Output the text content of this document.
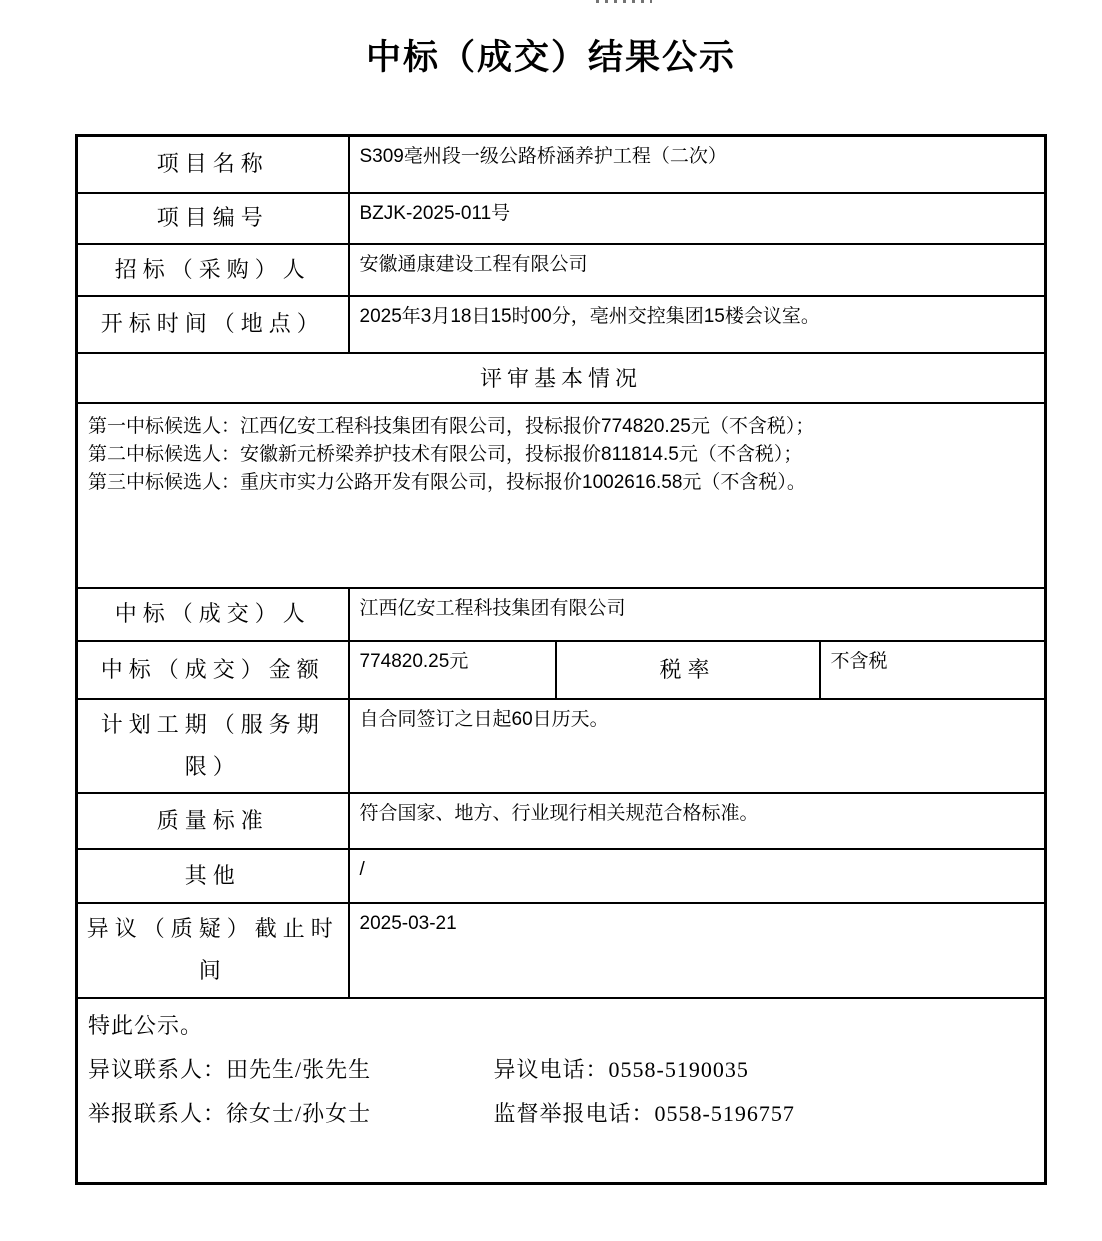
中标（成交）结果公示
项目名称	S309亳州段一级公路桥涵养护工程（二次）		
项目编号	BZJK-2025-011号		
招标（采购）人	安徽通康建设工程有限公司		
开标时间（地点）	2025年3月18日15时00分，亳州交控集团15楼会议室。		
评审基本情况			

第一中标候选人：江西亿安工程科技集团有限公司，投标报价774820.25元（不含税）；
第二中标候选人：安徽新元桥梁养护技术有限公司，投标报价811814.5元（不含税）；
第三中标候选人：重庆市实力公路开发有限公司，投标报价1002616.58元（不含税）。			

中标（成交）人	江西亿安工程科技集团有限公司		
中标（成交）金额	774820.25元	税率	不含税
计划工期（服务期限）	自合同签订之日起60日历天。		
质量标准	符合国家、地方、行业现行相关规范合格标准。		
其他	/		
异议（质疑）截止时间	2025-03-21		

特此公示。
异议联系人：田先生/张先生 异议电话：0558-5190035
举报联系人：徐女士/孙女士 监督举报电话：0558-5196757			
